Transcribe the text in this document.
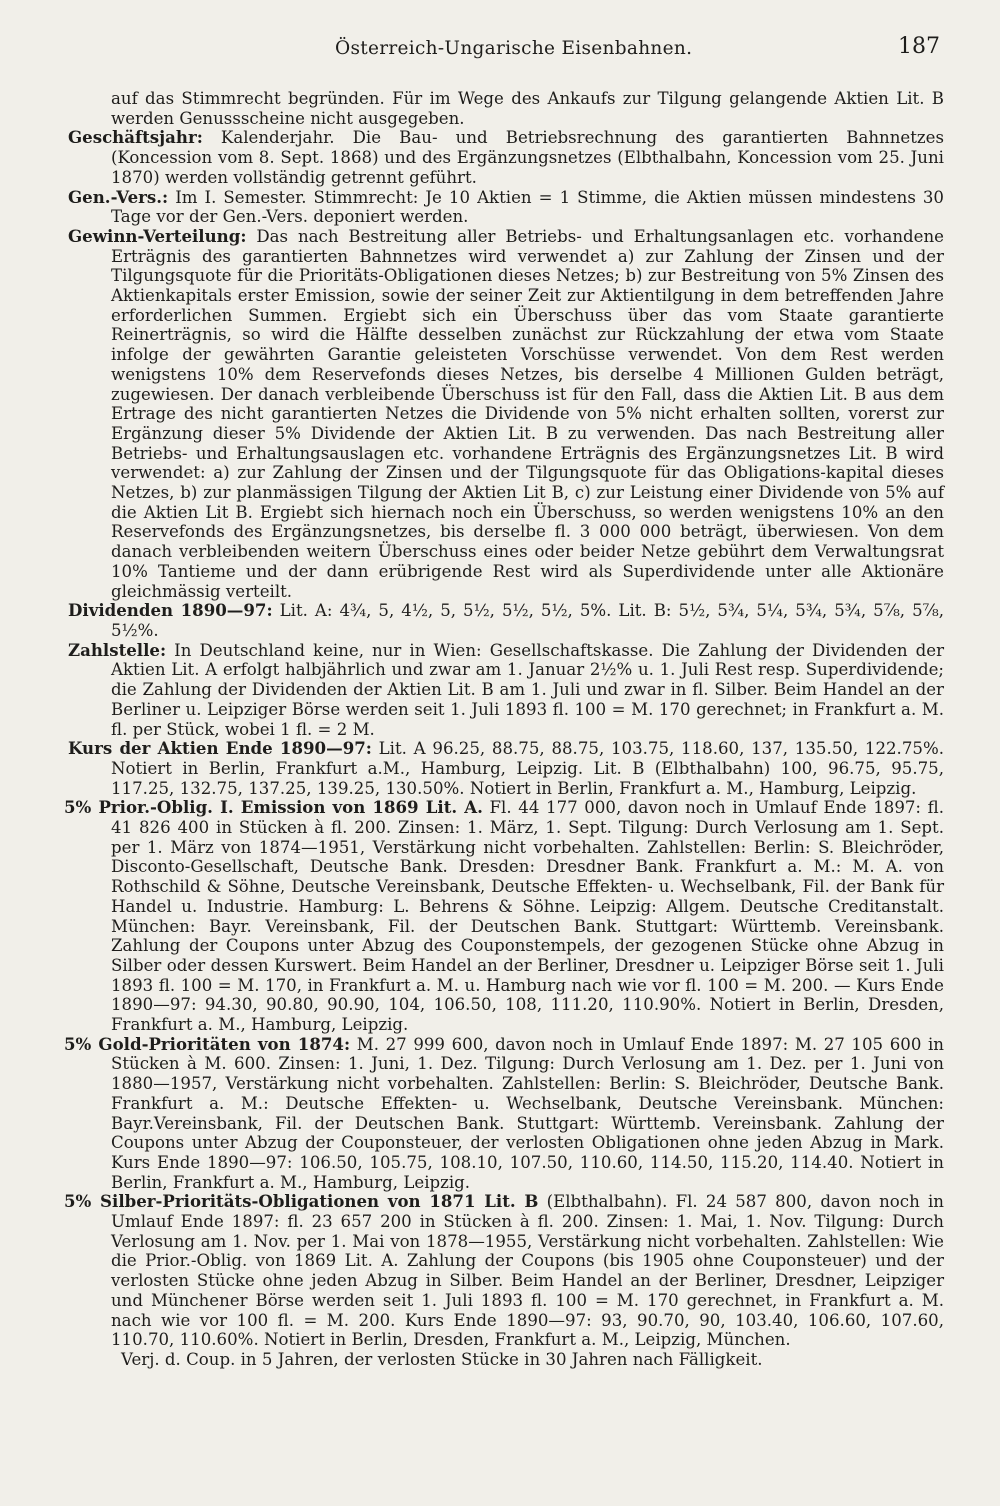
Österreich-Ungarische Eisenbahnen.	187

auf das Stimmrecht begründen. Für im Wege des Ankaufs zur Tilgung gelangende Aktien Lit. B werden Genussscheine nicht ausgegeben.

Geschäftsjahr: Kalenderjahr. Die Bau- und Betriebsrechnung des garantierten Bahnnetzes (Koncession vom 8. Sept. 1868) und des Ergänzungsnetzes (Elbthalbahn, Koncession vom 25. Juni 1870) werden vollständig getrennt geführt.

Gen.-Vers.: Im I. Semester. Stimmrecht: Je 10 Aktien = 1 Stimme, die Aktien müssen mindestens 30 Tage vor der Gen.-Vers. deponiert werden.

Gewinn-Verteilung: Das nach Bestreitung aller Betriebs- und Erhaltungsanlagen etc. vorhandene Erträgnis des garantierten Bahnnetzes wird verwendet a) zur Zahlung der Zinsen und der Tilgungsquote für die Prioritäts-Obligationen dieses Netzes; b) zur Bestreitung von 5% Zinsen des Aktienkapitals erster Emission, sowie der seiner Zeit zur Aktientilgung in dem betreffenden Jahre erforderlichen Summen. Ergiebt sich ein Überschuss über das vom Staate garantierte Reinerträgnis, so wird die Hälfte desselben zunächst zur Rückzahlung der etwa vom Staate infolge der gewährten Garantie geleisteten Vorschüsse verwendet. Von dem Rest werden wenigstens 10% dem Reservefonds dieses Netzes, bis derselbe 4 Millionen Gulden beträgt, zugewiesen. Der danach verbleibende Überschuss ist für den Fall, dass die Aktien Lit. B aus dem Ertrage des nicht garantierten Netzes die Dividende von 5% nicht erhalten sollten, vorerst zur Ergänzung dieser 5% Dividende der Aktien Lit. B zu verwenden. Das nach Bestreitung aller Betriebs- und Erhaltungsauslagen etc. vorhandene Erträgnis des Ergänzungsnetzes Lit. B wird verwendet: a) zur Zahlung der Zinsen und der Tilgungsquote für das Obligations-kapital dieses Netzes, b) zur planmässigen Tilgung der Aktien Lit B, c) zur Leistung einer Dividende von 5% auf die Aktien Lit B. Ergiebt sich hiernach noch ein Überschuss, so werden wenigstens 10% an den Reservefonds des Ergänzungsnetzes, bis derselbe fl. 3 000 000 beträgt, überwiesen. Von dem danach verbleibenden weitern Überschuss eines oder beider Netze gebührt dem Verwaltungsrat 10% Tantieme und der dann erübrigende Rest wird als Superdividende unter alle Aktionäre gleichmässig verteilt.

Dividenden 1890—97: Lit. A: 4¾, 5, 4½, 5, 5½, 5½, 5½, 5%. Lit. B: 5½, 5¾, 5¼, 5¾, 5¾, 5⅞, 5⅞, 5½%.

Zahlstelle: In Deutschland keine, nur in Wien: Gesellschaftskasse. Die Zahlung der Dividenden der Aktien Lit. A erfolgt halbjährlich und zwar am 1. Januar 2½% u. 1. Juli Rest resp. Superdividende; die Zahlung der Dividenden der Aktien Lit. B am 1. Juli und zwar in fl. Silber. Beim Handel an der Berliner u. Leipziger Börse werden seit 1. Juli 1893 fl. 100 = M. 170 gerechnet; in Frankfurt a. M. fl. per Stück, wobei 1 fl. = 2 M.

Kurs der Aktien Ende 1890—97: Lit. A 96.25, 88.75, 88.75, 103.75, 118.60, 137, 135.50, 122.75%. Notiert in Berlin, Frankfurt a.M., Hamburg, Leipzig. Lit. B (Elbthalbahn) 100, 96.75, 95.75, 117.25, 132.75, 137.25, 139.25, 130.50%. Notiert in Berlin, Frankfurt a. M., Hamburg, Leipzig.

5% Prior.-Oblig. I. Emission von 1869 Lit. A. Fl. 44 177 000, davon noch in Umlauf Ende 1897: fl. 41 826 400 in Stücken à fl. 200. Zinsen: 1. März, 1. Sept. Tilgung: Durch Verlosung am 1. Sept. per 1. März von 1874—1951, Verstärkung nicht vorbehalten. Zahlstellen: Berlin: S. Bleichröder, Disconto-Gesellschaft, Deutsche Bank. Dresden: Dresdner Bank. Frankfurt a. M.: M. A. von Rothschild & Söhne, Deutsche Vereinsbank, Deutsche Effekten- u. Wechselbank, Fil. der Bank für Handel u. Industrie. Hamburg: L. Behrens & Söhne. Leipzig: Allgem. Deutsche Creditanstalt. München: Bayr. Vereinsbank, Fil. der Deutschen Bank. Stuttgart: Württemb. Vereinsbank. Zahlung der Coupons unter Abzug des Couponstempels, der gezogenen Stücke ohne Abzug in Silber oder dessen Kurswert. Beim Handel an der Berliner, Dresdner u. Leipziger Börse seit 1. Juli 1893 fl. 100 = M. 170, in Frankfurt a. M. u. Hamburg nach wie vor fl. 100 = M. 200. — Kurs Ende 1890—97: 94.30, 90.80, 90.90, 104, 106.50, 108, 111.20, 110.90%. Notiert in Berlin, Dresden, Frankfurt a. M., Hamburg, Leipzig.

5% Gold-Prioritäten von 1874: M. 27 999 600, davon noch in Umlauf Ende 1897: M. 27 105 600 in Stücken à M. 600. Zinsen: 1. Juni, 1. Dez. Tilgung: Durch Verlosung am 1. Dez. per 1. Juni von 1880—1957, Verstärkung nicht vorbehalten. Zahlstellen: Berlin: S. Bleichröder, Deutsche Bank. Frankfurt a. M.: Deutsche Effekten- u. Wechselbank, Deutsche Vereinsbank. München: Bayr.Vereinsbank, Fil. der Deutschen Bank. Stuttgart: Württemb. Vereinsbank. Zahlung der Coupons unter Abzug der Couponsteuer, der verlosten Obligationen ohne jeden Abzug in Mark. Kurs Ende 1890—97: 106.50, 105.75, 108.10, 107.50, 110.60, 114.50, 115.20, 114.40. Notiert in Berlin, Frankfurt a. M., Hamburg, Leipzig.

5% Silber-Prioritäts-Obligationen von 1871 Lit. B (Elbthalbahn). Fl. 24 587 800, davon noch in Umlauf Ende 1897: fl. 23 657 200 in Stücken à fl. 200. Zinsen: 1. Mai, 1. Nov. Tilgung: Durch Verlosung am 1. Nov. per 1. Mai von 1878—1955, Verstärkung nicht vorbehalten. Zahlstellen: Wie die Prior.-Oblig. von 1869 Lit. A. Zahlung der Coupons (bis 1905 ohne Couponsteuer) und der verlosten Stücke ohne jeden Abzug in Silber. Beim Handel an der Berliner, Dresdner, Leipziger und Münchener Börse werden seit 1. Juli 1893 fl. 100 = M. 170 gerechnet, in Frankfurt a. M. nach wie vor 100 fl. = M. 200. Kurs Ende 1890—97: 93, 90.70, 90, 103.40, 106.60, 107.60, 110.70, 110.60%. Notiert in Berlin, Dresden, Frankfurt a. M., Leipzig, München.

Verj. d. Coup. in 5 Jahren, der verlosten Stücke in 30 Jahren nach Fälligkeit.
